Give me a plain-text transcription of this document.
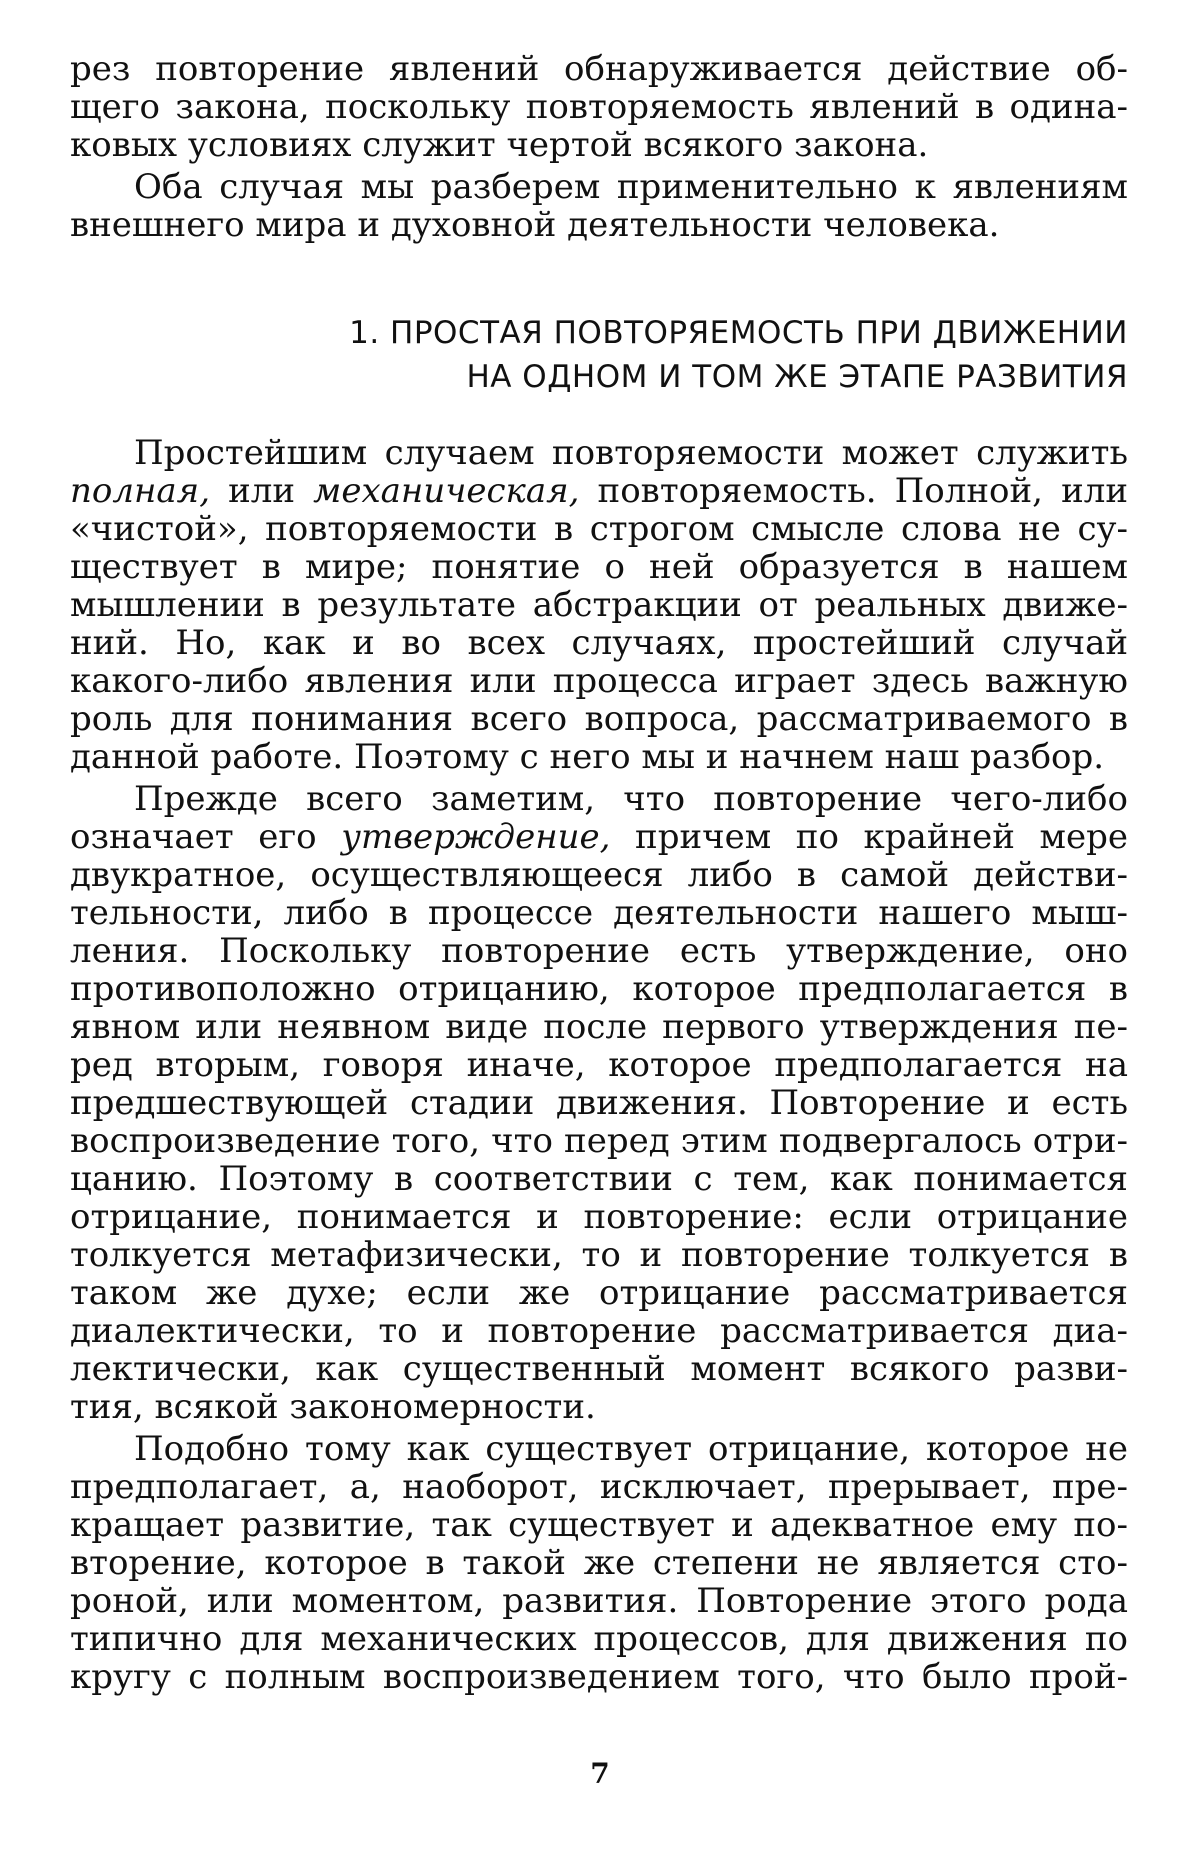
рез повторение явлений обнаруживается действие об-
щего закона, поскольку повторяемость явлений в одина-
ковых условиях служит чертой всякого закона.
Оба случая мы разберем применительно к явлениям
внешнего мира и духовной деятельности человека.
1. ПРОСТАЯ ПОВТОРЯЕМОСТЬ ПРИ ДВИЖЕНИИ
НА ОДНОМ И ТОМ ЖЕ ЭТАПЕ РАЗВИТИЯ
Простейшим случаем повторяемости может служить
полная, или механическая, повторяемость. Полной, или
«чистой», повторяемости в строгом смысле слова не су-
ществует в мире; понятие о ней образуется в нашем
мышлении в результате абстракции от реальных движе-
ний. Но, как и во всех случаях, простейший случай
какого-либо явления или процесса играет здесь важную
роль для понимания всего вопроса, рассматриваемого в
данной работе. Поэтому с него мы и начнем наш разбор.
Прежде всего заметим, что повторение чего-либо
означает его утверждение, причем по крайней мере
двукратное, осуществляющееся либо в самой действи-
тельности, либо в процессе деятельности нашего мыш-
ления. Поскольку повторение есть утверждение, оно
противоположно отрицанию, которое предполагается в
явном или неявном виде после первого утверждения пе-
ред вторым, говоря иначе, которое предполагается на
предшествующей стадии движения. Повторение и есть
воспроизведение того, что перед этим подвергалось отри-
цанию. Поэтому в соответствии с тем, как понимается
отрицание, понимается и повторение: если отрицание
толкуется метафизически, то и повторение толкуется в
таком же духе; если же отрицание рассматривается
диалектически, то и повторение рассматривается диа-
лектически, как существенный момент всякого разви-
тия, всякой закономерности.
Подобно тому как существует отрицание, которое не
предполагает, а, наоборот, исключает, прерывает, пре-
кращает развитие, так существует и адекватное ему по-
вторение, которое в такой же степени не является сто-
роной, или моментом, развития. Повторение этого рода
типично для механических процессов, для движения по
кругу с полным воспроизведением того, что было прой-
7
